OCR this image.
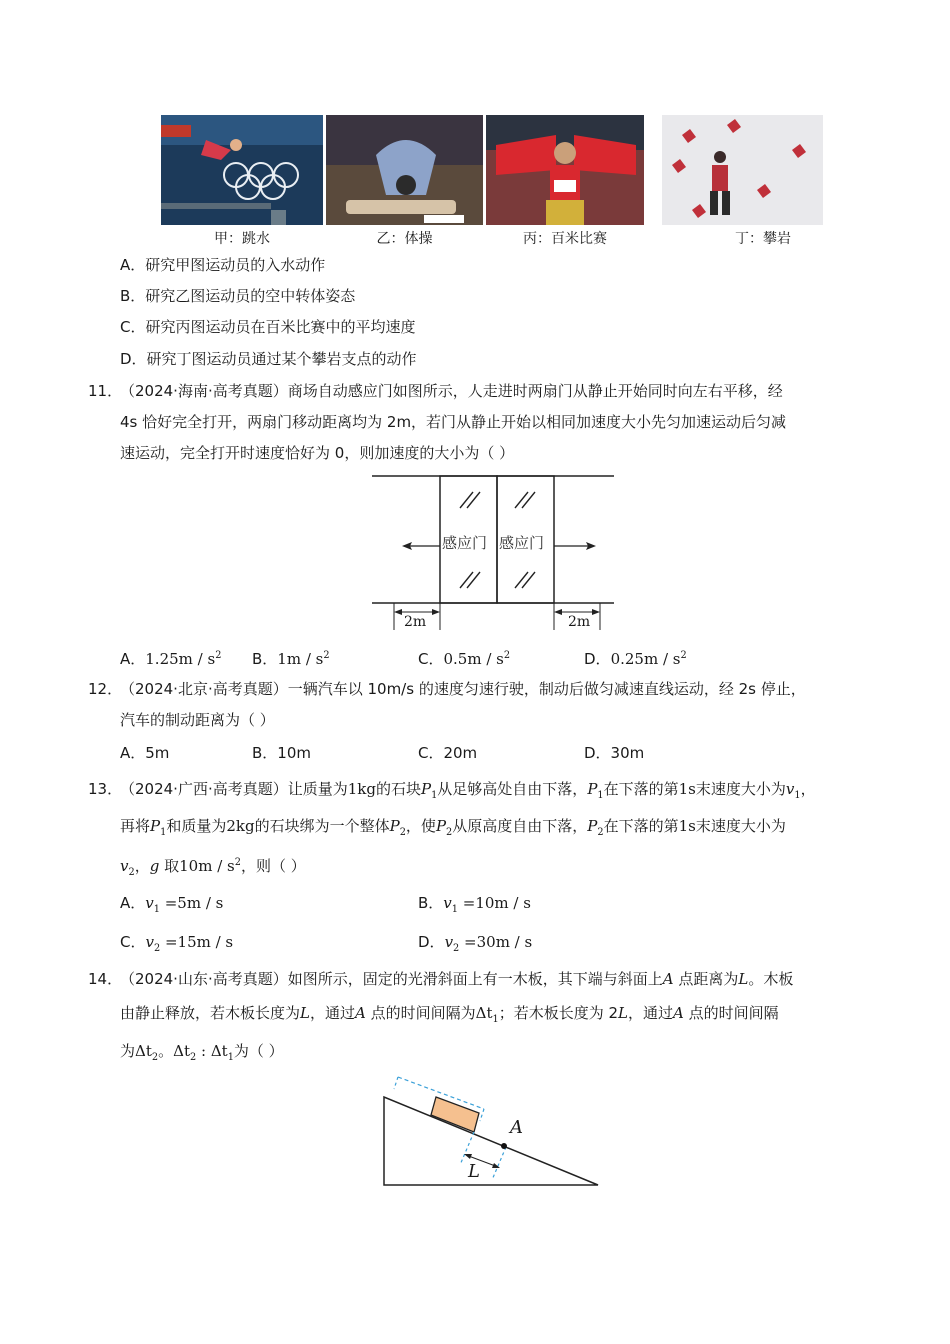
甲：跳水	乙：体操	丙：百米比赛	丁：攀岩
A．研究甲图运动员的入水动作
B．研究乙图运动员的空中转体姿态
C．研究丙图运动员在百米比赛中的平均速度
D．研究丁图运动员通过某个攀岩支点的动作
11．
（2024·海南·高考真题）商场自动感应门如图所示，人走进时两扇门从静止开始同时向左右平移，经
4s 恰好完全打开，两扇门移动距离均为 2m，若门从静止开始以相同加速度大小先匀加速运动后匀减
速运动，完全打开时速度恰好为 0，则加速度的大小为（ ）
感应门 感应门
2m	2m
A．$1.25m / s^2$ B．$1m / s^2$	C．$0.5m / s^2$	D．$0.25m / s^2$
12．
（2024·北京·高考真题）一辆汽车以 10m/s 的速度匀速行驶，制动后做匀减速直线运动，经 2s 停止，
汽车的制动距离为（ ）
A．5m	B．10m	C．20m	D．30m
13．
（2024·广西·高考真题）让质量为1kg的石块$P_1$从足够高处自由下落，$P_1$在下落的第1s末速度大小为$v_1$，
再将$P_1$和质量为2kg的石块绑为一个整体$P_2$，使$P_2$从原高度自由下落，$P_2$在下落的第1s末速度大小为
$v_2$，g 取$10m / s^2$，则（ ）
A．$v_1 =5m / s$	B．$v_1 =10m / s$
C．$v_2 =15m / s$	D．$v_2 =30m / s$
14．
（2024·山东·高考真题）如图所示，固定的光滑斜面上有一木板，其下端与斜面上A 点距离为L。木板
由静止释放，若木板长度为L，通过A 点的时间间隔为$\Delta t_1$；若木板长度为 2L，通过A 点的时间间隔
为$\Delta t_2$。$\Delta t_2$ : $\Delta t_1$为（ ）
A
L
